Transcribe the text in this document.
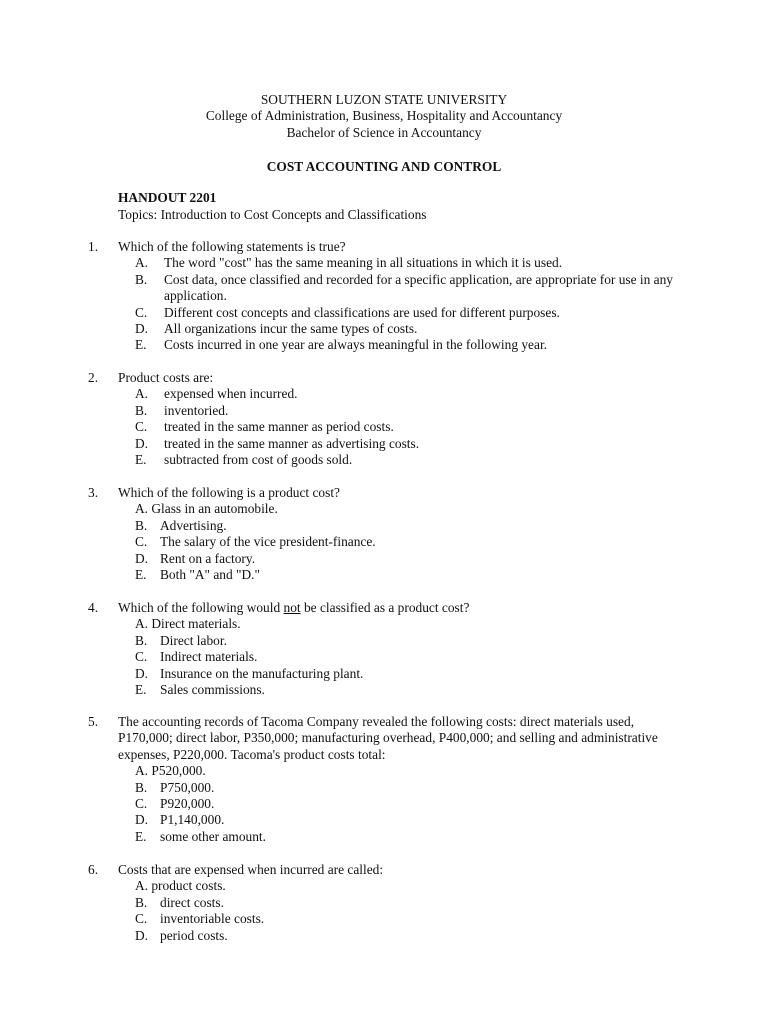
SOUTHERN LUZON STATE UNIVERSITY
College of Administration, Business, Hospitality and Accountancy
Bachelor of Science in Accountancy
COST ACCOUNTING AND CONTROL
HANDOUT 2201
Topics: Introduction to Cost Concepts and Classifications
1.	Which of the following statements is true?
A. The word "cost" has the same meaning in all situations in which it is used.
B. Cost data, once classified and recorded for a specific application, are appropriate for use in any application.
C. Different cost concepts and classifications are used for different purposes.
D. All organizations incur the same types of costs.
E. Costs incurred in one year are always meaningful in the following year.
2.	Product costs are:
A. expensed when incurred.
B. inventoried.
C. treated in the same manner as period costs.
D. treated in the same manner as advertising costs.
E. subtracted from cost of goods sold.
3.	Which of the following is a product cost?
A. Glass in an automobile.
B. Advertising.
C. The salary of the vice president-finance.
D. Rent on a factory.
E. Both "A" and "D."
4.	Which of the following would not be classified as a product cost?
A. Direct materials.
B. Direct labor.
C. Indirect materials.
D. Insurance on the manufacturing plant.
E. Sales commissions.
5.	The accounting records of Tacoma Company revealed the following costs: direct materials used, P170,000; direct labor, P350,000; manufacturing overhead, P400,000; and selling and administrative expenses, P220,000. Tacoma's product costs total:
A. P520,000.
B. P750,000.
C. P920,000.
D. P1,140,000.
E. some other amount.
6.	Costs that are expensed when incurred are called:
A. product costs.
B. direct costs.
C. inventoriable costs.
D. period costs.
